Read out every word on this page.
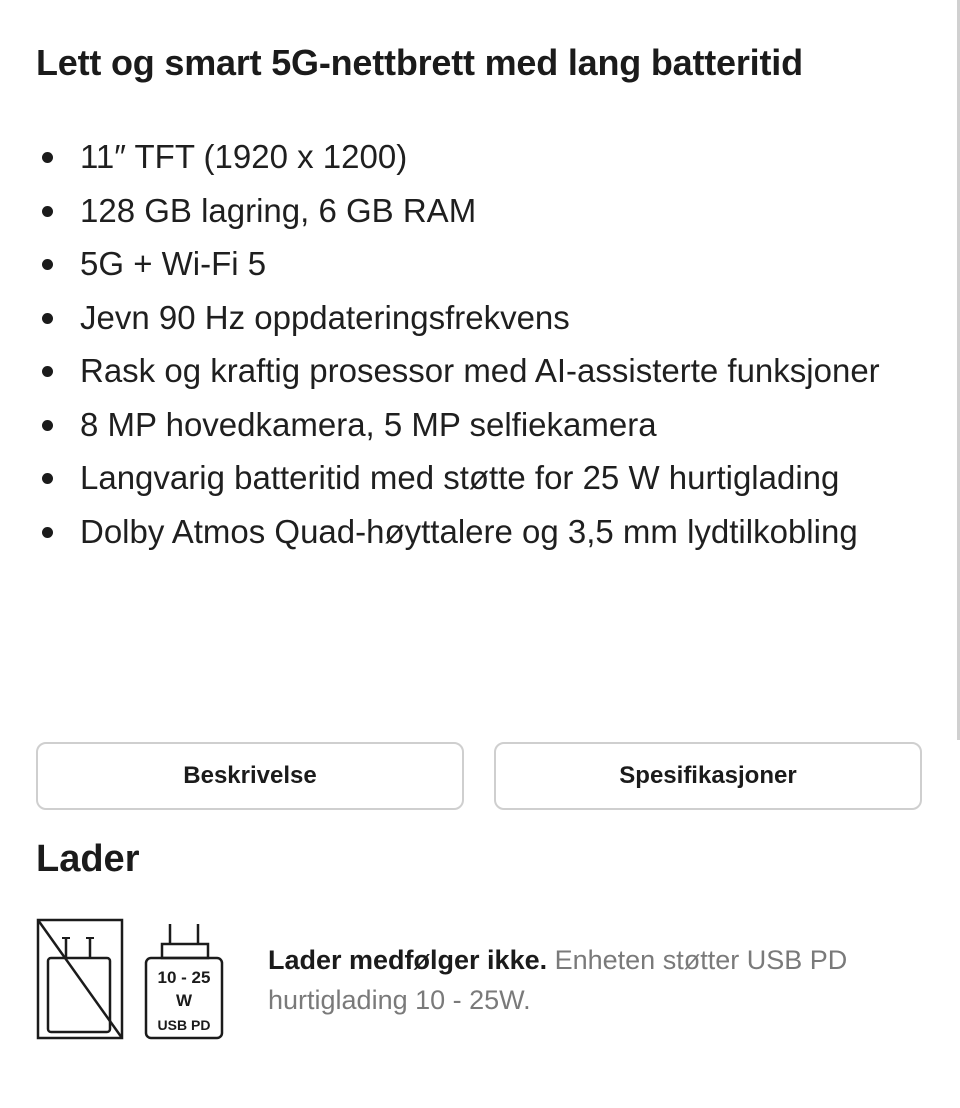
Lett og smart 5G-nettbrett med lang batteritid
11″ TFT (1920 x 1200)
128 GB lagring, 6 GB RAM
5G + Wi-Fi 5
Jevn 90 Hz oppdateringsfrekvens
Rask og kraftig prosessor med AI-assisterte funksjoner
8 MP hovedkamera, 5 MP selfiekamera
Langvarig batteritid med støtte for 25 W hurtiglading
Dolby Atmos Quad-høyttalere og 3,5 mm lydtilkobling
Beskrivelse	Spesifikasjoner
Lader
10 - 25
W
USB PD

Lader medfølger ikke. Enheten støtter USB PD hurtiglading 10 - 25W.
